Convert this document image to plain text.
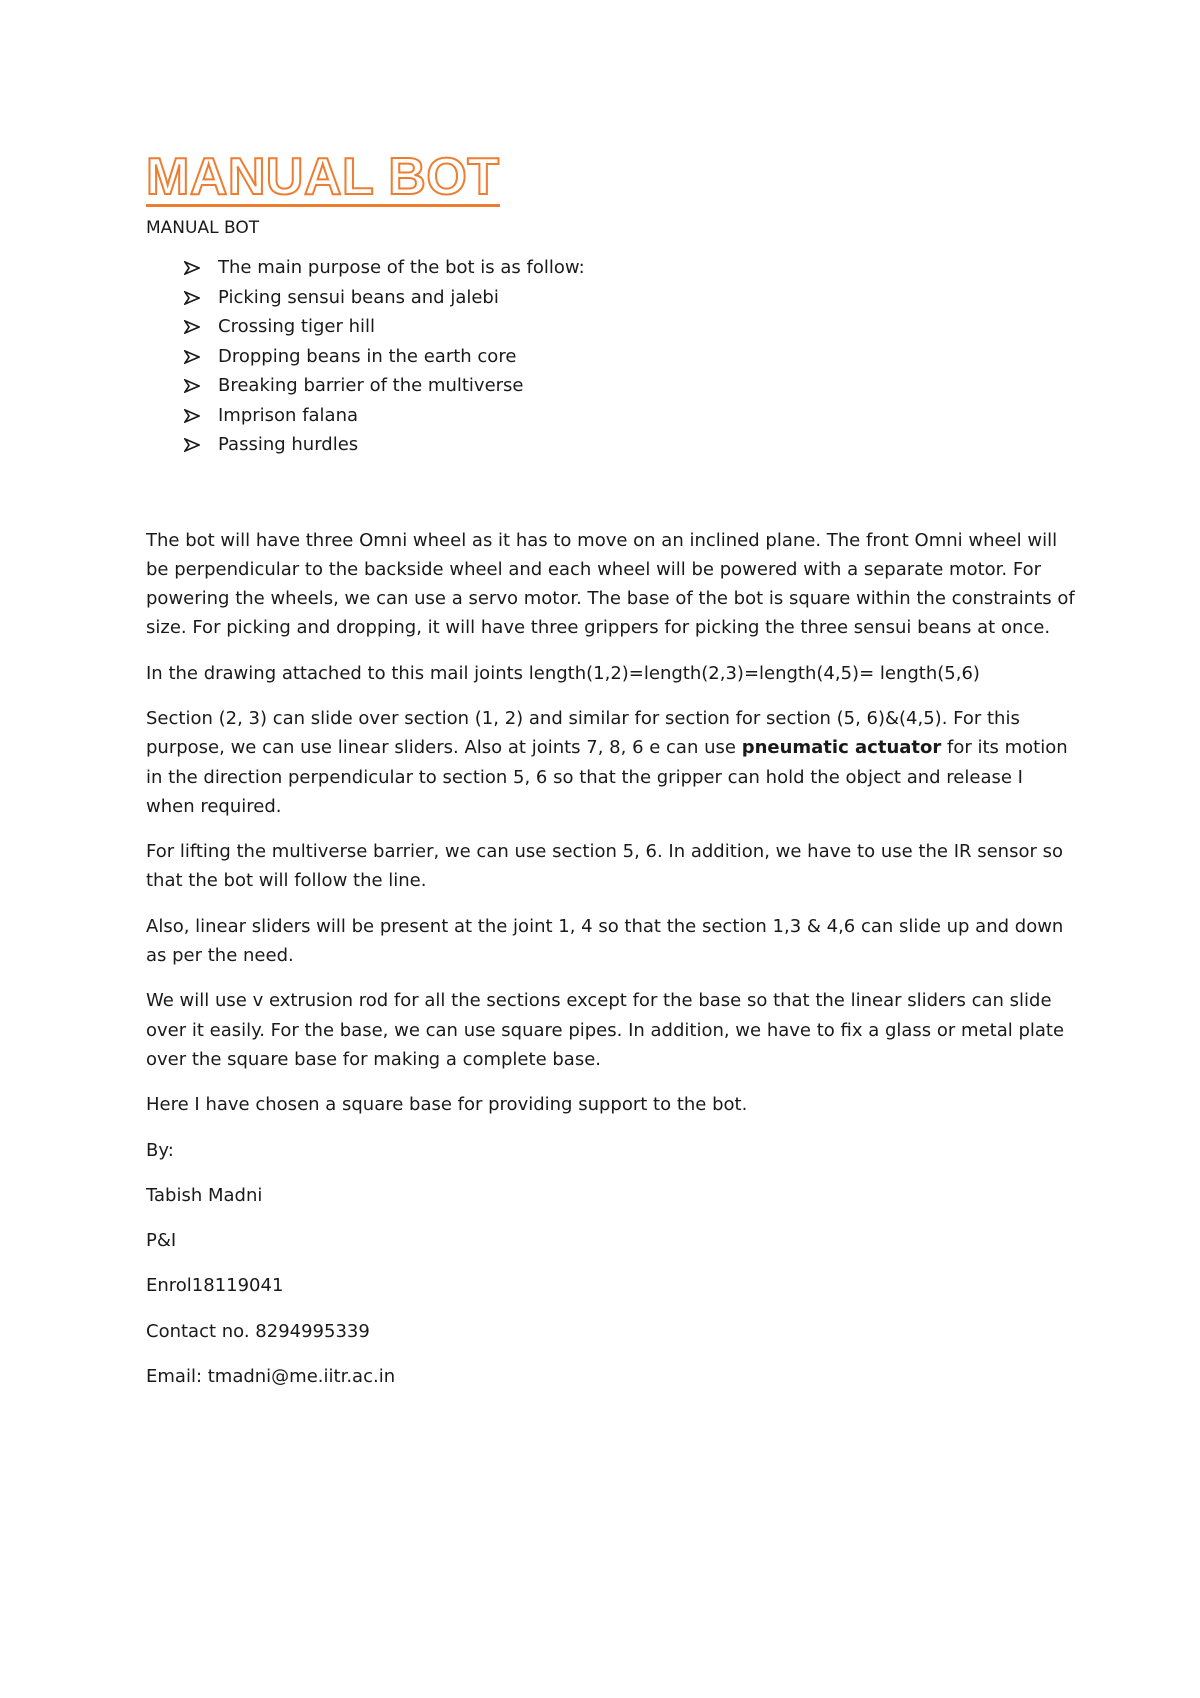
MANUAL BOT
MANUAL BOT
The main purpose of the bot is as follow:
Picking sensui beans and jalebi
Crossing tiger hill
Dropping beans in the earth core
Breaking barrier of the multiverse
Imprison falana
Passing hurdles

The bot will have three Omni wheel as it has to move on an inclined plane. The front Omni wheel will be perpendicular to the backside wheel and each wheel will be powered with a separate motor. For powering the wheels, we can use a servo motor. The base of the bot is square within the constraints of size. For picking and dropping, it will have three grippers for picking the three sensui beans at once.

In the drawing attached to this mail joints length(1,2)=length(2,3)=length(4,5)= length(5,6)

Section (2, 3) can slide over section (1, 2) and similar for section for section (5, 6)&(4,5). For this purpose, we can use linear sliders. Also at joints 7, 8, 6 e can use pneumatic actuator for its motion in the direction perpendicular to section 5, 6 so that the gripper can hold the object and release I when required.

For lifting the multiverse barrier, we can use section 5, 6. In addition, we have to use the IR sensor so that the bot will follow the line.

Also, linear sliders will be present at the joint 1, 4 so that the section 1,3 & 4,6 can slide up and down as per the need.

We will use v extrusion rod for all the sections except for the base so that the linear sliders can slide over it easily. For the base, we can use square pipes. In addition, we have to fix a glass or metal plate over the square base for making a complete base.

Here I have chosen a square base for providing support to the bot.

By:

Tabish Madni

P&I

Enrol18119041

Contact no. 8294995339

Email: tmadni@me.iitr.ac.in
